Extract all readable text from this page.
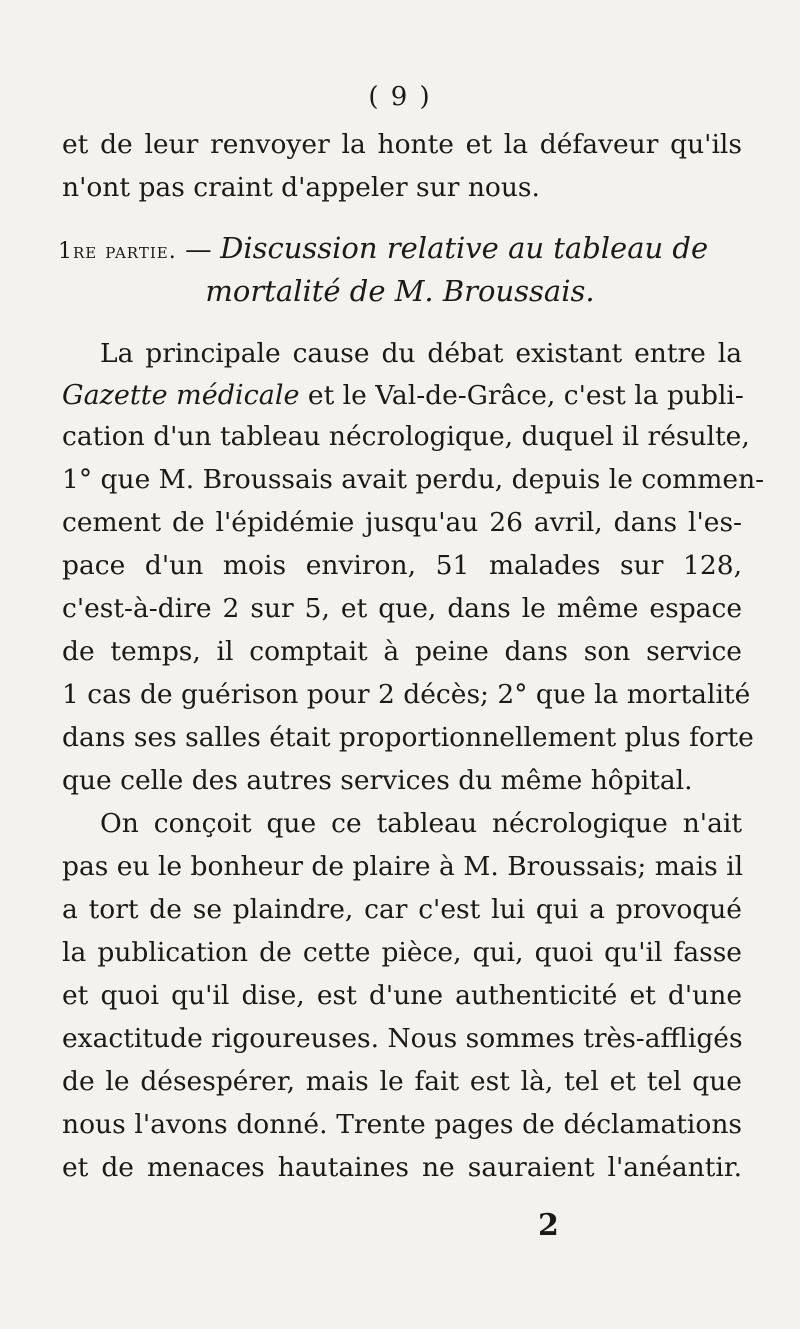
( 9 )
et de leur renvoyer la honte et la défaveur qu'ils
n'ont pas craint d'appeler sur nous.
1re partie. — Discussion relative au tableau de
mortalité de M. Broussais.
La principale cause du débat existant entre la
Gazette médicale et le Val-de-Grâce, c'est la publi-
cation d'un tableau nécrologique, duquel il résulte,
1° que M. Broussais avait perdu, depuis le commen-
cement de l'épidémie jusqu'au 26 avril, dans l'es-
pace d'un mois environ, 51 malades sur 128,
c'est-à-dire 2 sur 5, et que, dans le même espace
de temps, il comptait à peine dans son service
1 cas de guérison pour 2 décès; 2° que la mortalité
dans ses salles était proportionnellement plus forte
que celle des autres services du même hôpital.
On conçoit que ce tableau nécrologique n'ait
pas eu le bonheur de plaire à M. Broussais; mais il
a tort de se plaindre, car c'est lui qui a provoqué
la publication de cette pièce, qui, quoi qu'il fasse
et quoi qu'il dise, est d'une authenticité et d'une
exactitude rigoureuses. Nous sommes très-affligés
de le désespérer, mais le fait est là, tel et tel que
nous l'avons donné. Trente pages de déclamations
et de menaces hautaines ne sauraient l'anéantir.
2
